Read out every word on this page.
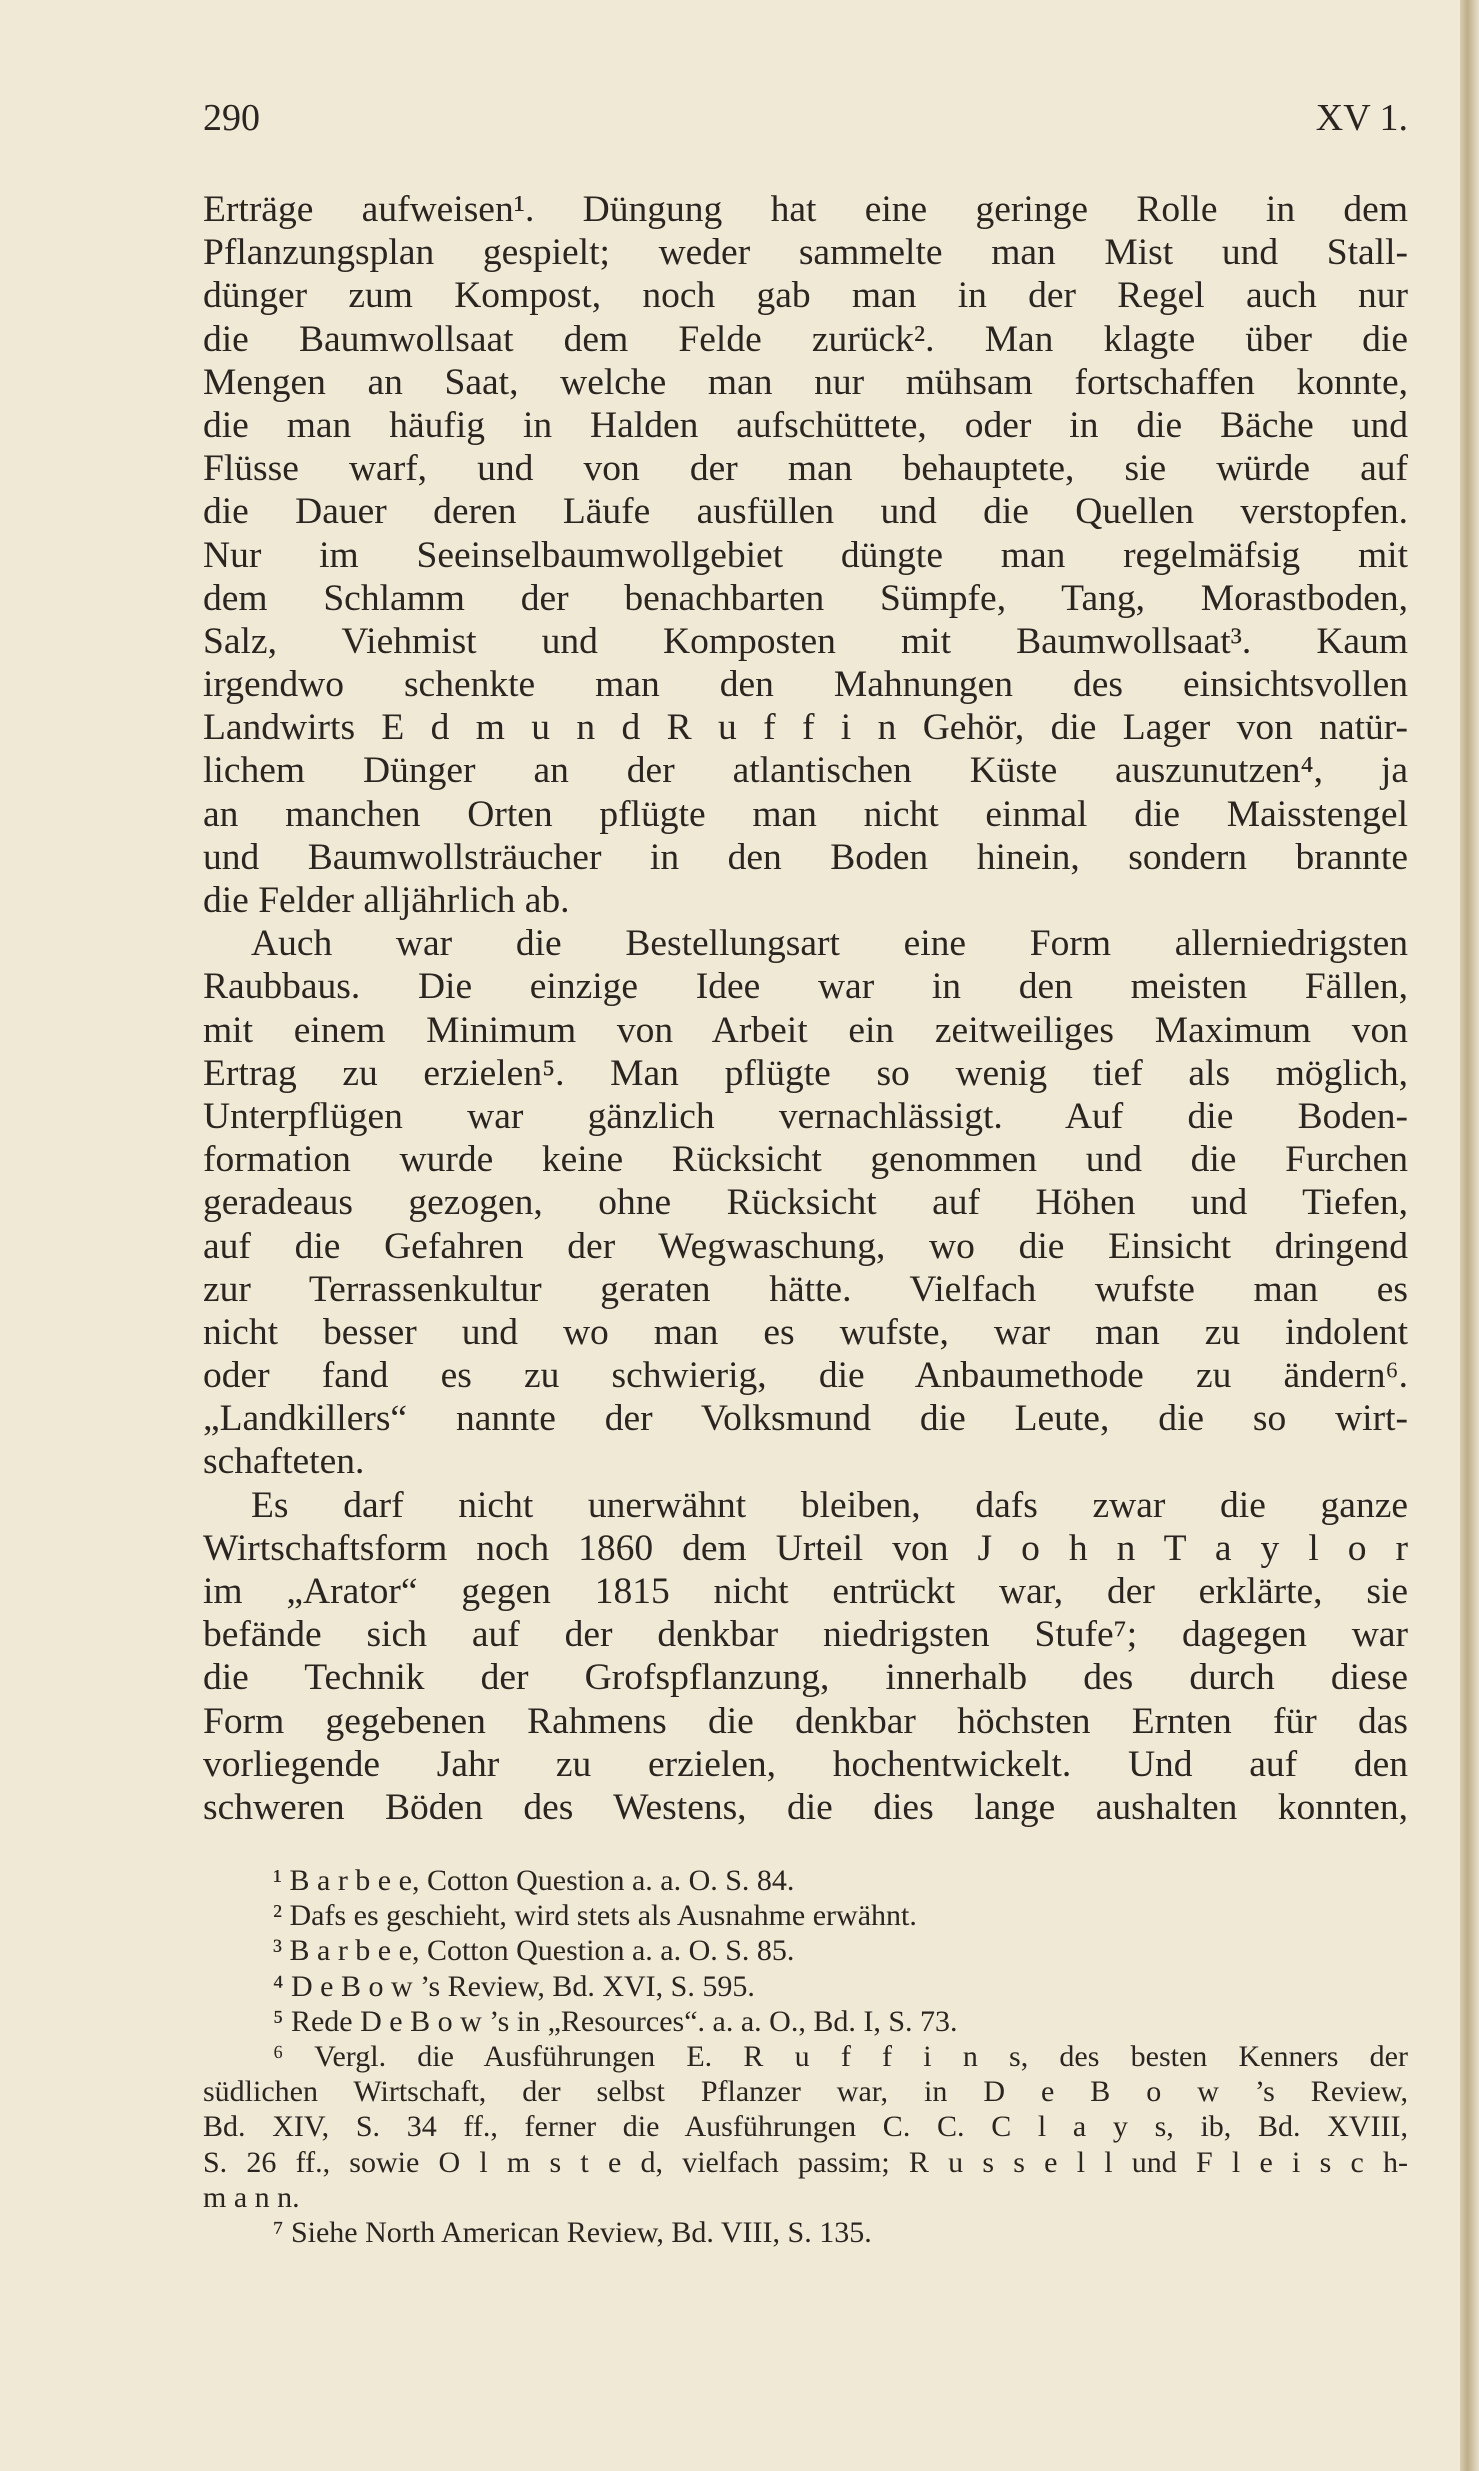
290	XV 1.
Erträge aufweisen¹. Düngung hat eine geringe Rolle in dem
Pflanzungsplan gespielt; weder sammelte man Mist und Stall-
dünger zum Kompost, noch gab man in der Regel auch nur
die Baumwollsaat dem Felde zurück². Man klagte über die
Mengen an Saat, welche man nur mühsam fortschaffen konnte,
die man häufig in Halden aufschüttete, oder in die Bäche und
Flüsse warf, und von der man behauptete, sie würde auf
die Dauer deren Läufe ausfüllen und die Quellen verstopfen.
Nur im Seeinselbaumwollgebiet düngte man regelmäfsig mit
dem Schlamm der benachbarten Sümpfe, Tang, Morastboden,
Salz, Viehmist und Komposten mit Baumwollsaat³. Kaum
irgendwo schenkte man den Mahnungen des einsichtsvollen
Landwirts E d m u n d R u f f i n Gehör, die Lager von natür-
lichem Dünger an der atlantischen Küste auszunutzen⁴, ja
an manchen Orten pflügte man nicht einmal die Maisstengel
und Baumwollsträucher in den Boden hinein, sondern brannte
die Felder alljährlich ab.
Auch war die Bestellungsart eine Form allerniedrigsten
Raubbaus. Die einzige Idee war in den meisten Fällen,
mit einem Minimum von Arbeit ein zeitweiliges Maximum von
Ertrag zu erzielen⁵. Man pflügte so wenig tief als möglich,
Unterpflügen war gänzlich vernachlässigt. Auf die Boden-
formation wurde keine Rücksicht genommen und die Furchen
geradeaus gezogen, ohne Rücksicht auf Höhen und Tiefen,
auf die Gefahren der Wegwaschung, wo die Einsicht dringend
zur Terrassenkultur geraten hätte. Vielfach wufste man es
nicht besser und wo man es wufste, war man zu indolent
oder fand es zu schwierig, die Anbaumethode zu ändern⁶.
„Landkillers“ nannte der Volksmund die Leute, die so wirt-
schafteten.
Es darf nicht unerwähnt bleiben, dafs zwar die ganze
Wirtschaftsform noch 1860 dem Urteil von J o h n T a y l o r
im „Arator“ gegen 1815 nicht entrückt war, der erklärte, sie
befände sich auf der denkbar niedrigsten Stufe⁷; dagegen war
die Technik der Grofspflanzung, innerhalb des durch diese
Form gegebenen Rahmens die denkbar höchsten Ernten für das
vorliegende Jahr zu erzielen, hochentwickelt. Und auf den
schweren Böden des Westens, die dies lange aushalten konnten,
¹ B a r b e e, Cotton Question a. a. O. S. 84.
² Dafs es geschieht, wird stets als Ausnahme erwähnt.
³ B a r b e e, Cotton Question a. a. O. S. 85.
⁴ D e B o w ’s Review, Bd. XVI, S. 595.
⁵ Rede D e B o w ’s in „Resources“. a. a. O., Bd. I, S. 73.
⁶ Vergl. die Ausführungen E. R u f f i n s, des besten Kenners der
südlichen Wirtschaft, der selbst Pflanzer war, in D e B o w ’s Review,
Bd. XIV, S. 34 ff., ferner die Ausführungen C. C. C l a y s, ib, Bd. XVIII,
S. 26 ff., sowie O l m s t e d, vielfach passim; R u s s e l l und F l e i s c h-
m a n n.
⁷ Siehe North American Review, Bd. VIII, S. 135.
